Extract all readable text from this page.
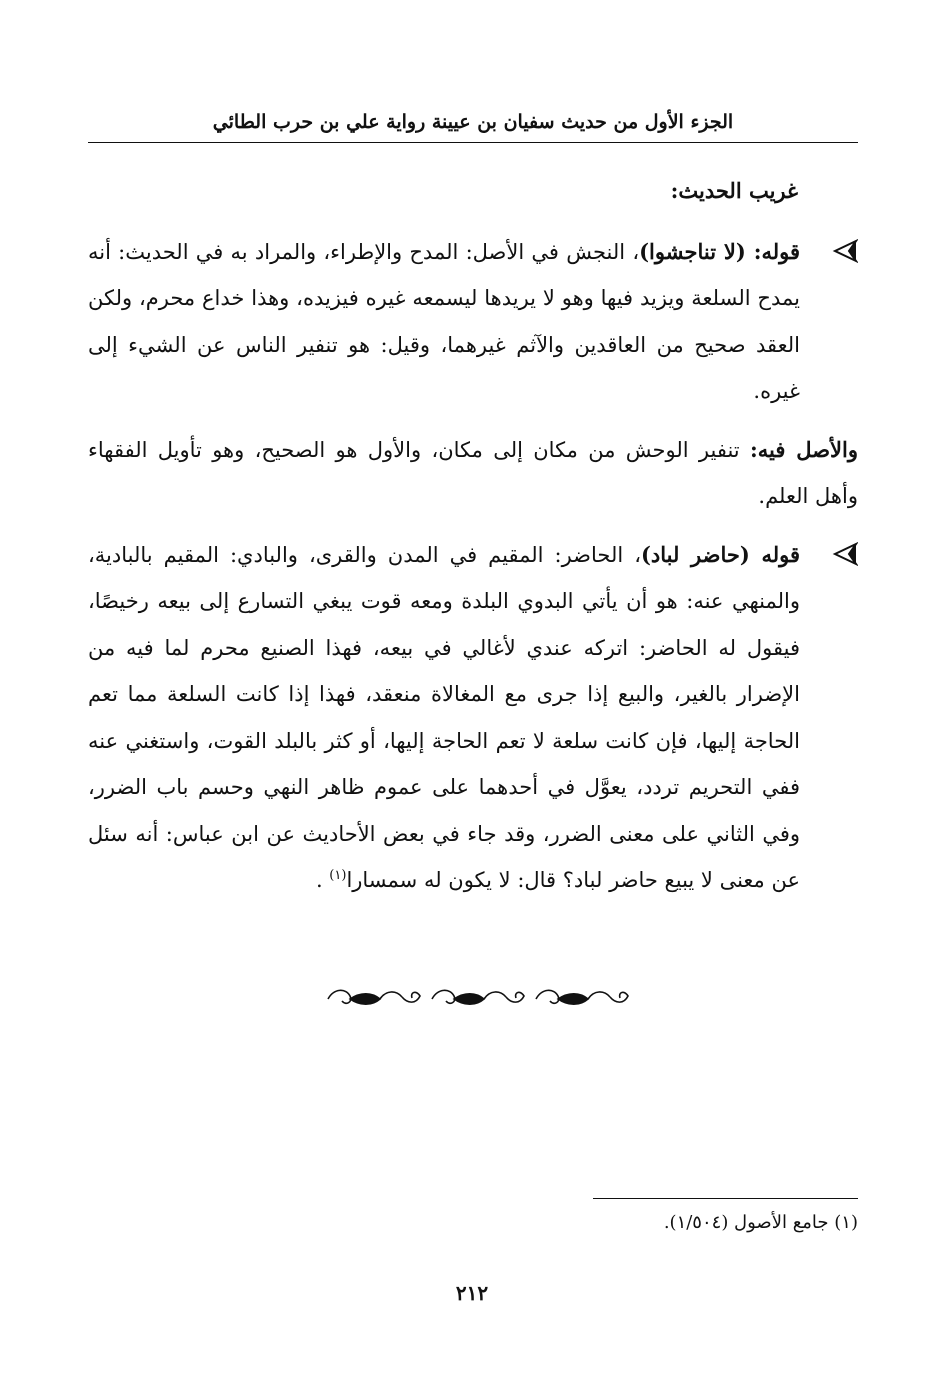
الجزء الأول من حديث سفيان بن عيينة رواية علي بن حرب الطائي
غريب الحديث:
قوله: (لا تناجشوا)، النجش في الأصل: المدح والإطراء، والمراد به في الحديث: أنه يمدح السلعة ويزيد فيها وهو لا يريدها ليسمعه غيره فيزيده، وهذا خداع محرم، ولكن العقد صحيح من العاقدين والآثم غيرهما، وقيل: هو تنفير الناس عن الشيء إلى غيره.
والأصل فيه: تنفير الوحش من مكان إلى مكان، والأول هو الصحيح، وهو تأويل الفقهاء وأهل العلم.
قوله (حاضر لباد)، الحاضر: المقيم في المدن والقرى، والبادي: المقيم بالبادية، والمنهي عنه: هو أن يأتي البدوي البلدة ومعه قوت يبغي التسارع إلى بيعه رخيصًا، فيقول له الحاضر: اتركه عندي لأغالي في بيعه، فهذا الصنيع محرم لما فيه من الإضرار بالغير، والبيع إذا جرى مع المغالاة منعقد، فهذا إذا كانت السلعة مما تعم الحاجة إليها، فإن كانت سلعة لا تعم الحاجة إليها، أو كثر بالبلد القوت، واستغني عنه ففي التحريم تردد، يعوَّل في أحدهما على عموم ظاهر النهي وحسم باب الضرر، وفي الثاني على معنى الضرر، وقد جاء في بعض الأحاديث عن ابن عباس: أنه سئل عن معنى لا يبيع حاضر لباد؟ قال: لا يكون له سمسارا$^{(١)}$ .
(١) جامع الأصول (١/٥٠٤).
٢١٢
